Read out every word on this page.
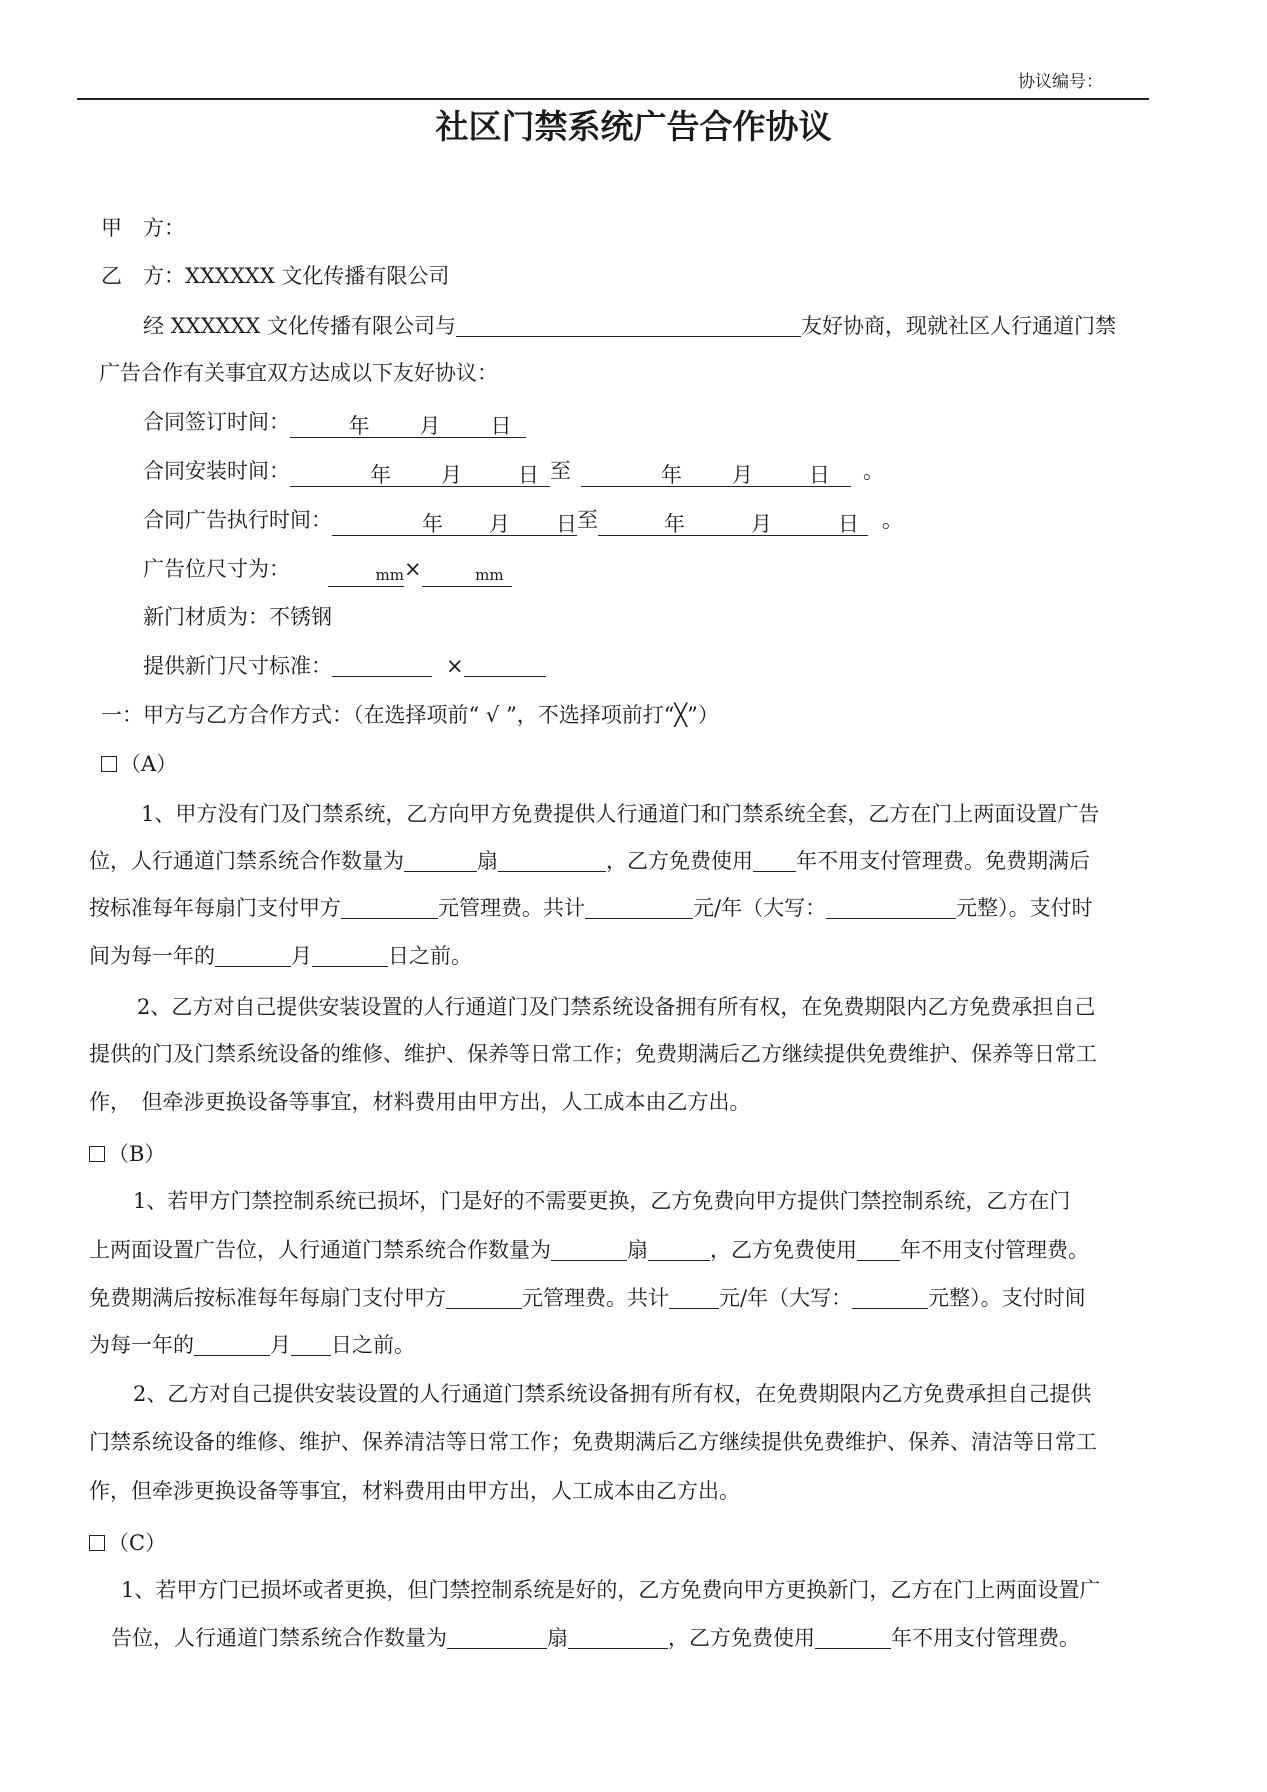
协议编号：
社区门禁系统广告合作协议
甲　方：
乙　方：XXXXXX 文化传播有限公司
经 XXXXXX 文化传播有限公司与	友好协商，现就社区人行通道门禁
广告合作有关事宜双方达成以下友好协议：
合同签订时间：	年 月 日
合同安装时间：	年 月	日 至	年 月	日 。
合同广告执行时间：	年 月 日至	年	月	日 。
广告位尺寸为：	mm×	mm
新门材质为：不锈钢
提供新门尺寸标准：	×
一：甲方与乙方合作方式：（在选择项前“ √ ”，不选择项前打“╳”）
（A）
1、甲方没有门及门禁系统，乙方向甲方免费提供人行通道门和门禁系统全套，乙方在门上两面设置广告
位，人行通道门禁系统合作数量为	扇	，乙方免费使用 年不用支付管理费。免费期满后
按标准每年每扇门支付甲方	元管理费。共计	元/年（大写：	元整）。支付时
间为每一年的	月	日之前。
2、乙方对自己提供安装设置的人行通道门及门禁系统设备拥有所有权，在免费期限内乙方免费承担自己
提供的门及门禁系统设备的维修、维护、保养等日常工作；免费期满后乙方继续提供免费维护、保养等日常工
作，　但牵涉更换设备等事宜，材料费用由甲方出，人工成本由乙方出。
（B）
1、若甲方门禁控制系统已损坏，门是好的不需要更换，乙方免费向甲方提供门禁控制系统，乙方在门
上两面设置广告位，人行通道门禁系统合作数量为	扇	，乙方免费使用 年不用支付管理费。
免费期满后按标准每年每扇门支付甲方	元管理费。共计 元/年（大写：	元整）。支付时间
为每一年的	月 日之前。
2、乙方对自己提供安装设置的人行通道门禁系统设备拥有所有权，在免费期限内乙方免费承担自己提供
门禁系统设备的维修、维护、保养清洁等日常工作；免费期满后乙方继续提供免费维护、保养、清洁等日常工
作，但牵涉更换设备等事宜，材料费用由甲方出，人工成本由乙方出。
（C）
1、若甲方门已损坏或者更换，但门禁控制系统是好的，乙方免费向甲方更换新门，乙方在门上两面设置广
告位，人行通道门禁系统合作数量为	扇	，乙方免费使用	年不用支付管理费。
